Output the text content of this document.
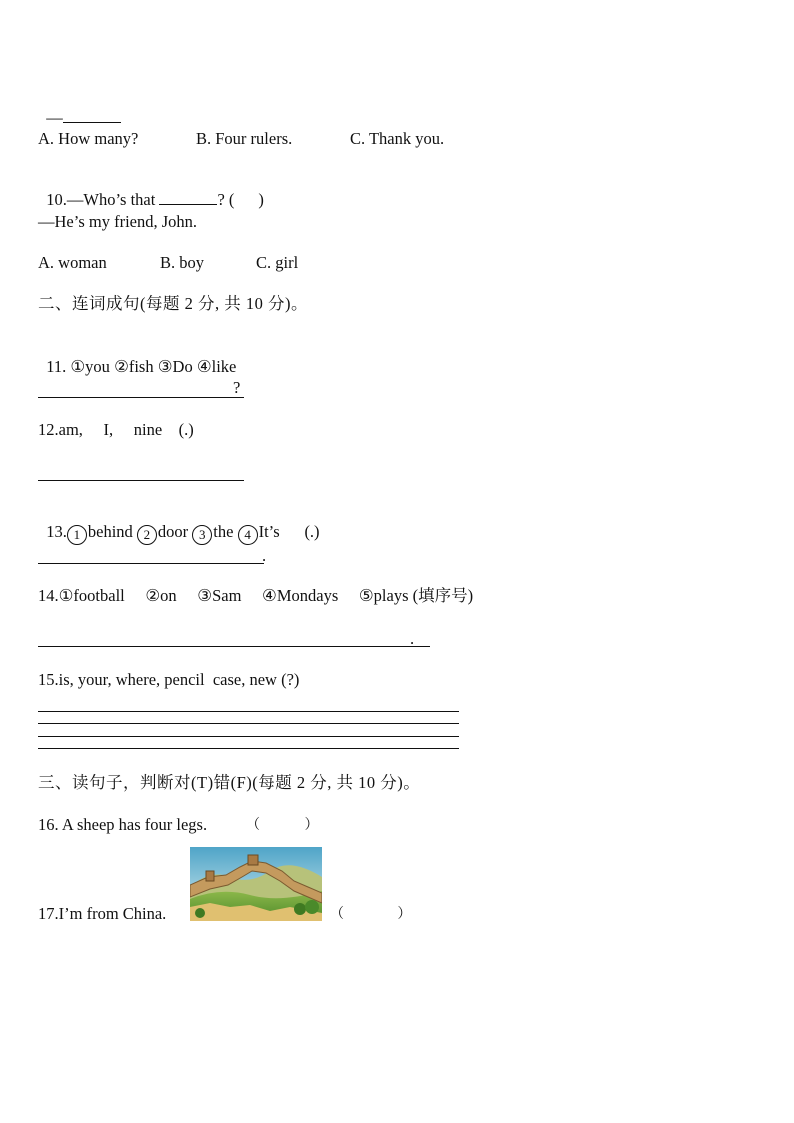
—

A. How many?	B. Four rulers.	C. Thank you.

10.—Who’s that	? ( )

—He’s my friend, John.
A. woman	B. boy	C. girl
二、连词成句(每题 2 分, 共 10 分)。

11. ①you ②fish ③Do ④like

?
12.am,     I,     nine    (.)

13. 1 behind 2 door 3 the 4 It’s (.)

.
14.①football     ②on     ③Sam     ④Mondays     ⑤plays (填序号)
.
15.is, your, where, pencil  case, new (?)
三、读句子，判断对(T)错(F)(每题 2 分, 共 10 分)。
16. A sheep has four legs.	（          ）
17.I’m from China.	（            ）
